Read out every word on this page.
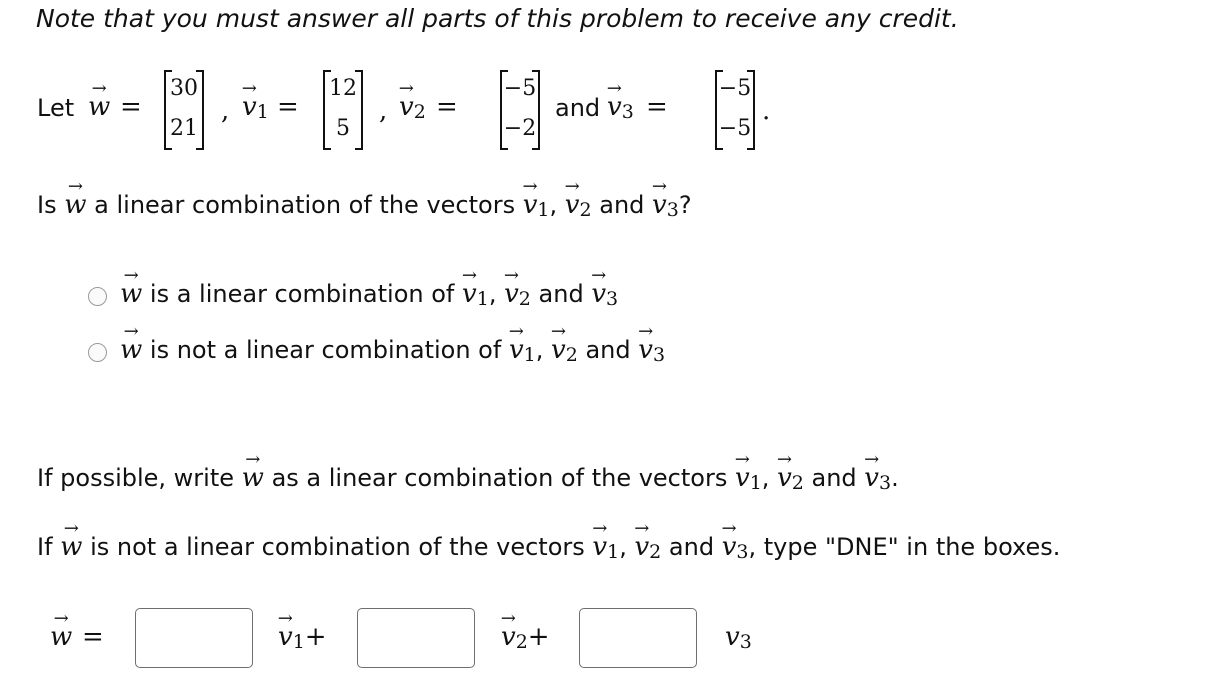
Note that you must answer all parts of this problem to receive any credit.
Let → w =
30
21
, → v1 =
12
5
, → v2 =
−5
−2
and → v3 =
−5
−5
.
Is → w a linear combination of the vectors → v1, → v2 and → v3?
→ w is a linear combination of → v1, → v2 and → v3
→ w is not a linear combination of → v1, → v2 and → v3
If possible, write → w as a linear combination of the vectors → v1, → v2 and → v3.
If → w is not a linear combination of the vectors → v1, → v2 and → v3, type "DNE" in the boxes.
→ w =	→ v1+	→ v2+	v3
